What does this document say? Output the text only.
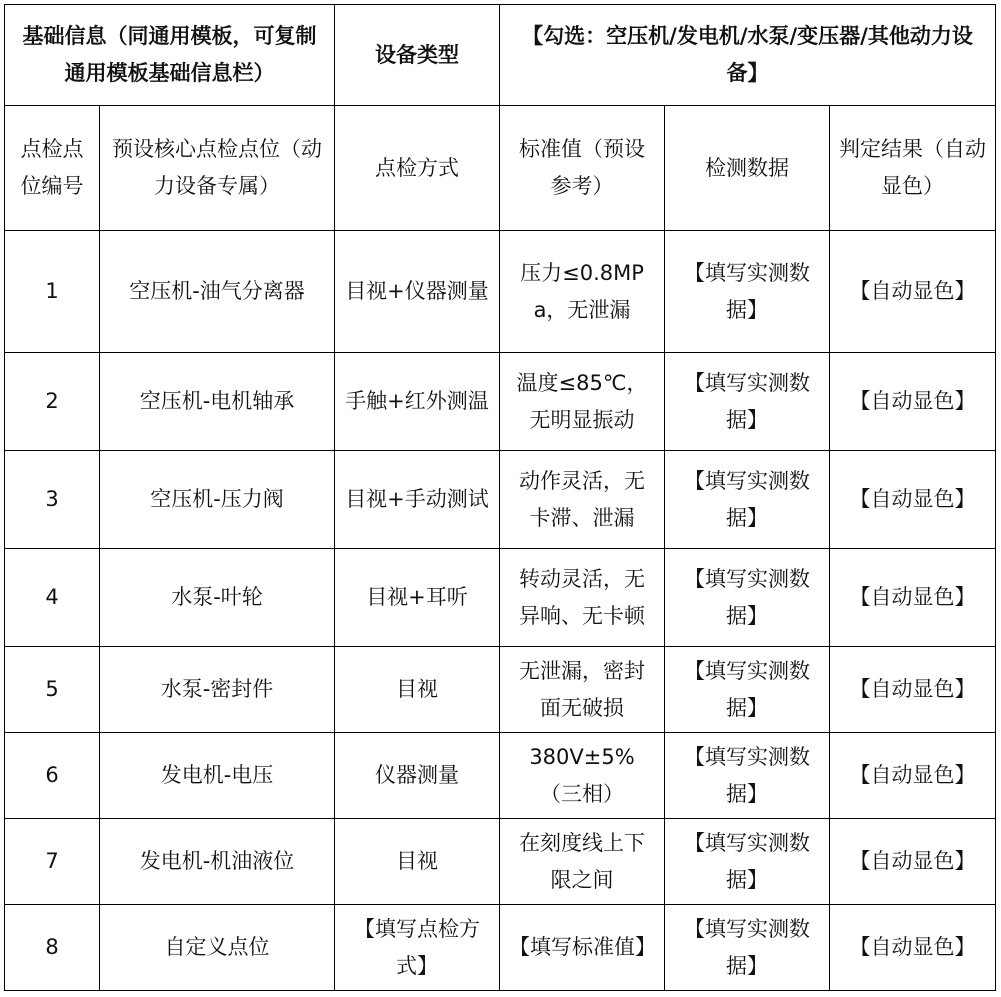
基础信息（同通用模板，可复制通用模板基础信息栏）		设备类型	【勾选：空压机/发电机/水泵/变压器/其他动力设备】		
点检点位编号	预设核心点检点位（动力设备专属）	点检方式	标准值（预设参考）	检测数据	判定结果（自动显色）
1	空压机-油气分离器	目视+仪器测量	压力≤0.8MPa，无泄漏	【填写实测数据】	【自动显色】
2	空压机-电机轴承	手触+红外测温	温度≤85℃，无明显振动	【填写实测数据】	【自动显色】
3	空压机-压力阀	目视+手动测试	动作灵活，无卡滞、泄漏	【填写实测数据】	【自动显色】
4	水泵-叶轮	目视+耳听	转动灵活，无异响、无卡顿	【填写实测数据】	【自动显色】
5	水泵-密封件	目视	无泄漏，密封面无破损	【填写实测数据】	【自动显色】
6	发电机-电压	仪器测量	380V±5%（三相）	【填写实测数据】	【自动显色】
7	发电机-机油液位	目视	在刻度线上下限之间	【填写实测数据】	【自动显色】
8	自定义点位	【填写点检方式】	【填写标准值】	【填写实测数据】	【自动显色】
